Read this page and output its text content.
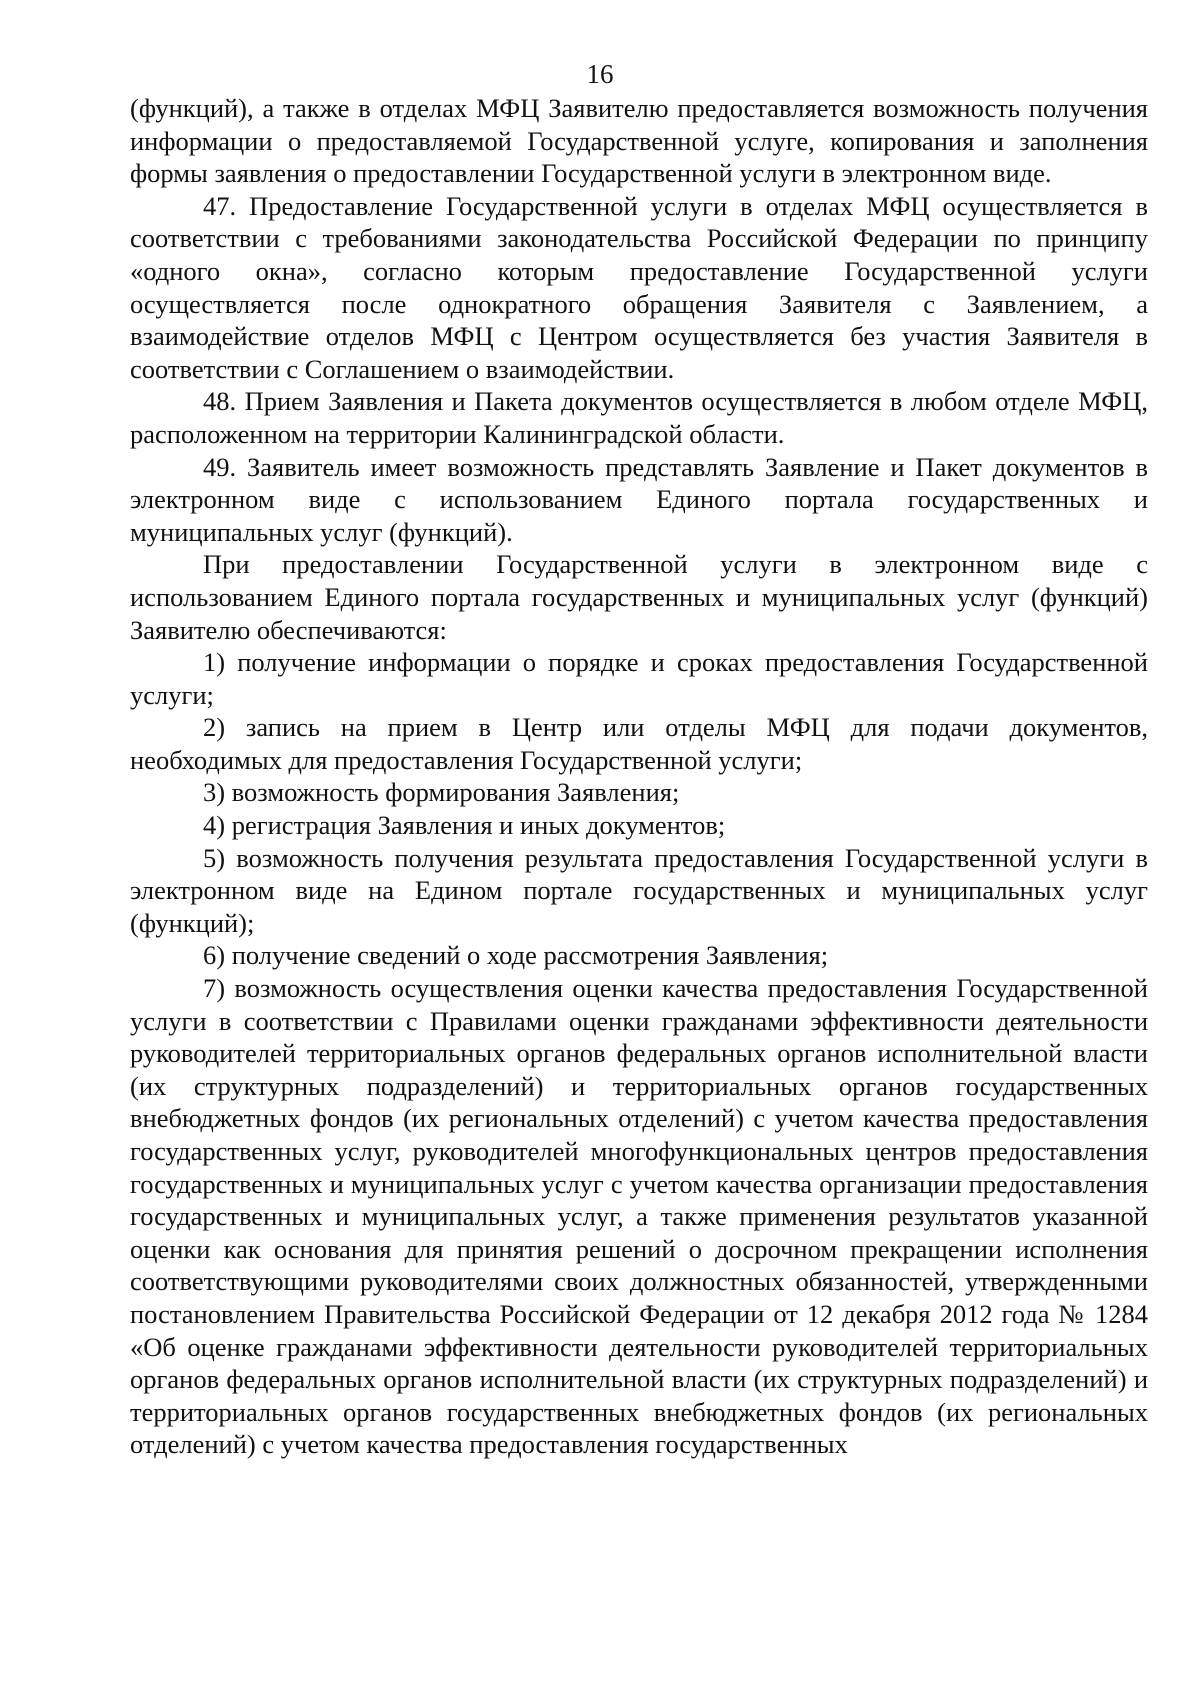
16

(функций), а также в отделах МФЦ Заявителю предоставляется возможность получения информации о предоставляемой Государственной услуге, копирования и заполнения формы заявления о предоставлении Государственной услуги в электронном виде.

47. Предоставление Государственной услуги в отделах МФЦ осуществляется в соответствии с требованиями законодательства Российской Федерации по принципу «одного окна», согласно которым предоставление Государственной услуги осуществляется после однократного обращения Заявителя с Заявлением, а взаимодействие отделов МФЦ с Центром осуществляется без участия Заявителя в соответствии с Соглашением о взаимодействии.

48. Прием Заявления и Пакета документов осуществляется в любом отделе МФЦ, расположенном на территории Калининградской области.

49. Заявитель имеет возможность представлять Заявление и Пакет документов в электронном виде с использованием Единого портала государственных и муниципальных услуг (функций).

При предоставлении Государственной услуги в электронном виде с использованием Единого портала государственных и муниципальных услуг (функций) Заявителю обеспечиваются:

1) получение информации о порядке и сроках предоставления Государственной услуги;

2) запись на прием в Центр или отделы МФЦ для подачи документов, необходимых для предоставления Государственной услуги;

3) возможность формирования Заявления;

4) регистрация Заявления и иных документов;

5) возможность получения результата предоставления Государственной услуги в электронном виде на Едином портале государственных и муниципальных услуг (функций);

6) получение сведений о ходе рассмотрения Заявления;

7) возможность осуществления оценки качества предоставления Государственной услуги в соответствии с Правилами оценки гражданами эффективности деятельности руководителей территориальных органов федеральных органов исполнительной власти (их структурных подразделений) и территориальных органов государственных внебюджетных фондов (их региональных отделений) с учетом качества предоставления государственных услуг, руководителей многофункциональных центров предоставления государственных и муниципальных услуг с учетом качества организации предоставления государственных и муниципальных услуг, а также применения результатов указанной оценки как основания для принятия решений о досрочном прекращении исполнения соответствующими руководителями своих должностных обязанностей, утвержденными постановлением Правительства Российской Федерации от 12 декабря 2012 года № 1284 «Об оценке гражданами эффективности деятельности руководителей территориальных органов федеральных органов исполнительной власти (их структурных подразделений) и территориальных органов государственных внебюджетных фондов (их региональных отделений) с учетом качества предоставления государственных
